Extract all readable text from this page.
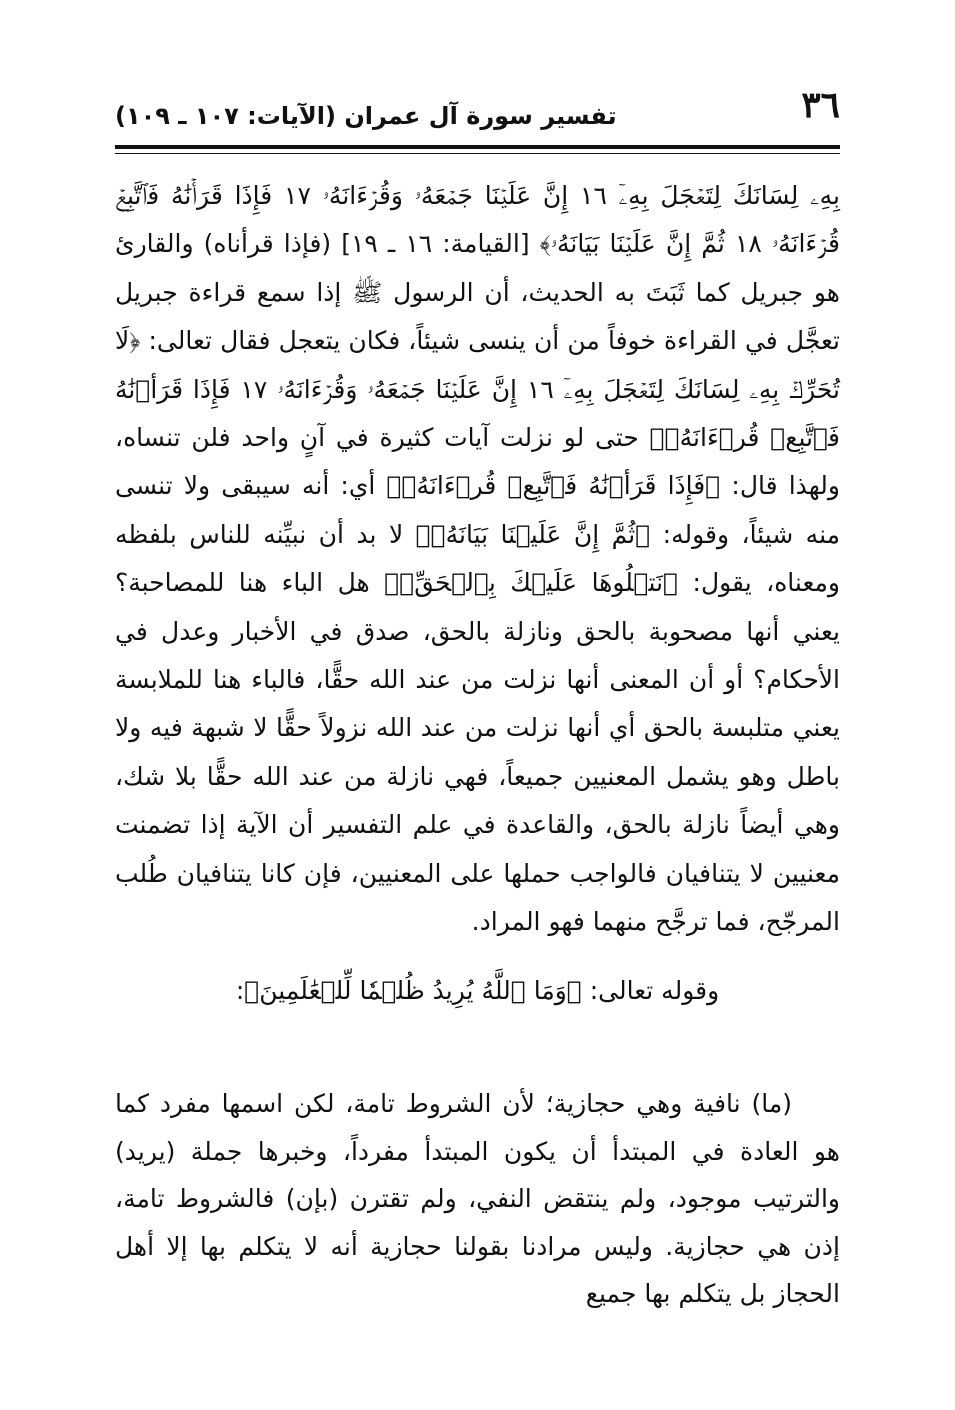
٣٦
تفسير سورة آل عمران (الآيات: ١٠٧ ـ ١٠٩)

بِهِۦ لِسَانَكَ لِتَعۡجَلَ بِهِۦٓ ١٦ إِنَّ عَلَيۡنَا جَمۡعَهُۥ وَقُرۡءَانَهُۥ ١٧ فَإِذَا قَرَأۡنَٰهُ فَٱتَّبِعۡ قُرۡءَانَهُۥ ١٨ ثُمَّ إِنَّ عَلَيۡنَا بَيَانَهُۥ﴾ [القيامة: ١٦ ـ ١٩] (فإذا قرأناه) والقارئ هو جبريل كما ثَبَتَ به الحديث، أن الرسول ﷺ إذا سمع قراءة جبريل تعجَّل في القراءة خوفاً من أن ينسى شيئاً، فكان يتعجل فقال تعالى: ﴿لَا تُحَرِّكۡ بِهِۦ لِسَانَكَ لِتَعۡجَلَ بِهِۦٓ ١٦ إِنَّ عَلَيۡنَا جَمۡعَهُۥ وَقُرۡءَانَهُۥ ١٧ فَإِذَا قَرَأۡنَٰهُ فَٱتَّبِعۡ قُرۡءَانَهُۥ﴾ حتى لو نزلت آيات كثيرة في آنٍ واحد فلن تنساه، ولهذا قال: ﴿فَإِذَا قَرَأۡنَٰهُ فَٱتَّبِعۡ قُرۡءَانَهُۥ﴾ أي: أنه سيبقى ولا تنسى منه شيئاً، وقوله: ﴿ثُمَّ إِنَّ عَلَيۡنَا بَيَانَهُۥ﴾ لا بد أن نبيِّنه للناس بلفظه ومعناه، يقول: ﴿نَتۡلُوهَا عَلَيۡكَ بِٱلۡحَقِّۗ﴾ هل الباء هنا للمصاحبة؟ يعني أنها مصحوبة بالحق ونازلة بالحق، صدق في الأخبار وعدل في الأحكام؟ أو أن المعنى أنها نزلت من عند الله حقًّا، فالباء هنا للملابسة يعني متلبسة بالحق أي أنها نزلت من عند الله نزولاً حقًّا لا شبهة فيه ولا باطل وهو يشمل المعنيين جميعاً، فهي نازلة من عند الله حقًّا بلا شك، وهي أيضاً نازلة بالحق، والقاعدة في علم التفسير أن الآية إذا تضمنت معنيين لا يتنافيان فالواجب حملها على المعنيين، فإن كانا يتنافيان طُلب المرجّح، فما ترجَّح منهما فهو المراد.

وقوله تعالى: ﴿وَمَا ٱللَّهُ يُرِيدُ ظُلۡمٗا لِّلۡعَٰلَمِينَ﴾:

(ما) نافية وهي حجازية؛ لأن الشروط تامة، لكن اسمها مفرد كما هو العادة في المبتدأ أن يكون المبتدأ مفرداً، وخبرها جملة (يريد) والترتيب موجود، ولم ينتقض النفي، ولم تقترن (بإن) فالشروط تامة، إذن هي حجازية. وليس مرادنا بقولنا حجازية أنه لا يتكلم بها إلا أهل الحجاز بل يتكلم بها جميع
